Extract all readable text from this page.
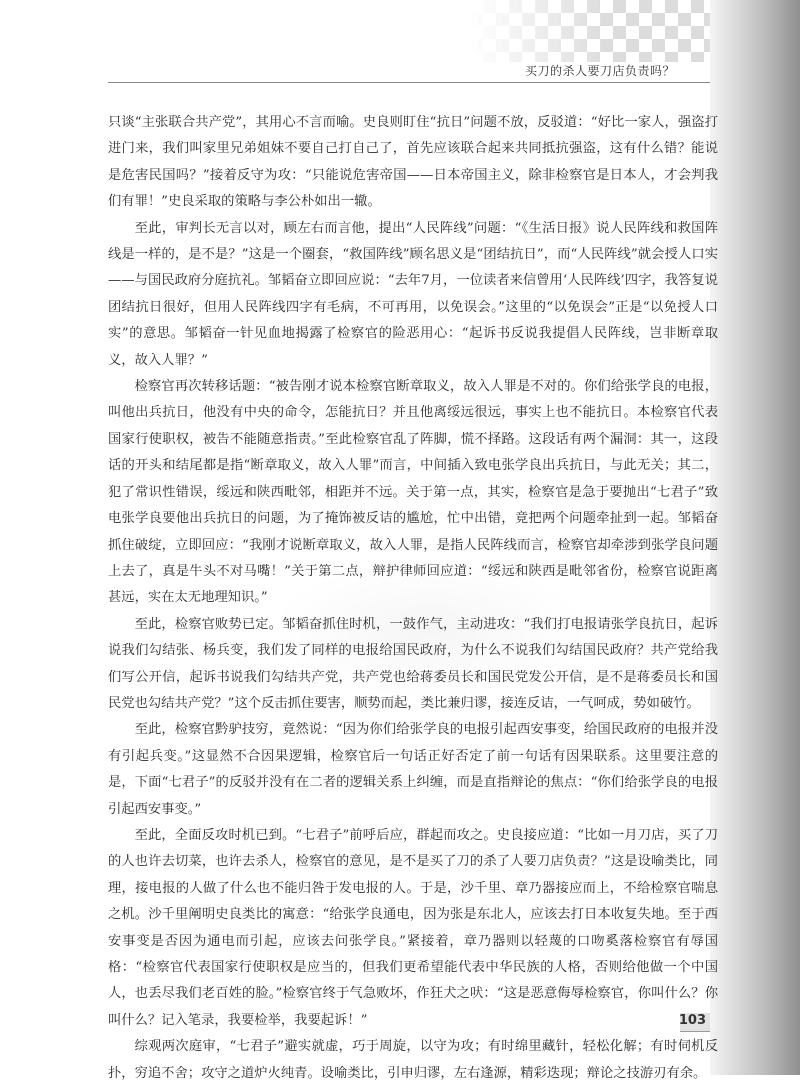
买刀的杀人要刀店负责吗？

只谈“主张联合共产党”，其用心不言而喻。史良则盯住“抗日”问题不放，反驳道：“好比一家人，强盗打进门来，我们叫家里兄弟姐妹不要自己打自己了，首先应该联合起来共同抵抗强盗，这有什么错？能说是危害民国吗？”接着反守为攻：“只能说危害帝国——日本帝国主义，除非检察官是日本人，才会判我们有罪！”史良采取的策略与李公朴如出一辙。

至此，审判长无言以对，顾左右而言他，提出“人民阵线”问题：“《生活日报》说人民阵线和救国阵线是一样的，是不是？”这是一个圈套，“救国阵线”顾名思义是“团结抗日”，而“人民阵线”就会授人口实——与国民政府分庭抗礼。邹韬奋立即回应说：“去年7月，一位读者来信曾用‘人民阵线’四字，我答复说团结抗日很好，但用人民阵线四字有毛病，不可再用，以免误会。”这里的“以免误会”正是“以免授人口实”的意思。邹韬奋一针见血地揭露了检察官的险恶用心：“起诉书反说我提倡人民阵线，岂非断章取义，故入人罪？”

检察官再次转移话题：“被告刚才说本检察官断章取义，故入人罪是不对的。你们给张学良的电报，叫他出兵抗日，他没有中央的命令，怎能抗日？并且他离绥远很远，事实上也不能抗日。本检察官代表国家行使职权，被告不能随意指责。”至此检察官乱了阵脚，慌不择路。这段话有两个漏洞：其一，这段话的开头和结尾都是指“断章取义，故入人罪”而言，中间插入致电张学良出兵抗日，与此无关；其二，犯了常识性错误，绥远和陕西毗邻，相距并不远。关于第一点，其实，检察官是急于要抛出“七君子”致电张学良要他出兵抗日的问题，为了掩饰被反诘的尴尬，忙中出错，竟把两个问题牵扯到一起。邹韬奋抓住破绽，立即回应：“我刚才说断章取义，故入人罪，是指人民阵线而言，检察官却牵涉到张学良问题上去了，真是牛头不对马嘴！”关于第二点，辩护律师回应道：“绥远和陕西是毗邻省份，检察官说距离甚远，实在太无地理知识。”

至此，检察官败势已定。邹韬奋抓住时机，一鼓作气，主动进攻：“我们打电报请张学良抗日，起诉说我们勾结张、杨兵变，我们发了同样的电报给国民政府，为什么不说我们勾结国民政府？共产党给我们写公开信，起诉书说我们勾结共产党，共产党也给蒋委员长和国民党发公开信，是不是蒋委员长和国民党也勾结共产党？”这个反击抓住要害，顺势而起，类比兼归谬，接连反诘，一气呵成，势如破竹。

至此，检察官黔驴技穷，竟然说：“因为你们给张学良的电报引起西安事变，给国民政府的电报并没有引起兵变。”这显然不合因果逻辑，检察官后一句话正好否定了前一句话有因果联系。这里要注意的是，下面“七君子”的反驳并没有在二者的逻辑关系上纠缠，而是直指辩论的焦点：“你们给张学良的电报引起西安事变。”

至此，全面反攻时机已到。“七君子”前呼后应，群起而攻之。史良接应道：“比如一月刀店，买了刀的人也许去切菜，也许去杀人，检察官的意见，是不是买了刀的杀了人要刀店负责？”这是设喻类比，同理，接电报的人做了什么也不能归咎于发电报的人。于是，沙千里、章乃器接应而上，不给检察官喘息之机。沙千里阐明史良类比的寓意：“给张学良通电，因为张是东北人，应该去打日本收复失地。至于西安事变是否因为通电而引起，应该去问张学良。”紧接着，章乃器则以轻蔑的口吻奚落检察官有辱国格：“检察官代表国家行使职权是应当的，但我们更希望能代表中华民族的人格，否则给他做一个中国人，也丢尽我们老百姓的脸。”检察官终于气急败坏，作狂犬之吠：“这是恶意侮辱检察官，你叫什么？你叫什么？记入笔录，我要检举，我要起诉！”

综观两次庭审，“七君子”避实就虚，巧于周旋，以守为攻；有时绵里藏针，轻松化解；有时伺机反扑，穷追不舍；攻守之道炉火纯青。设喻类比，引申归谬，左右逢源，精彩迭现；辩论之技游刃有余。

103
